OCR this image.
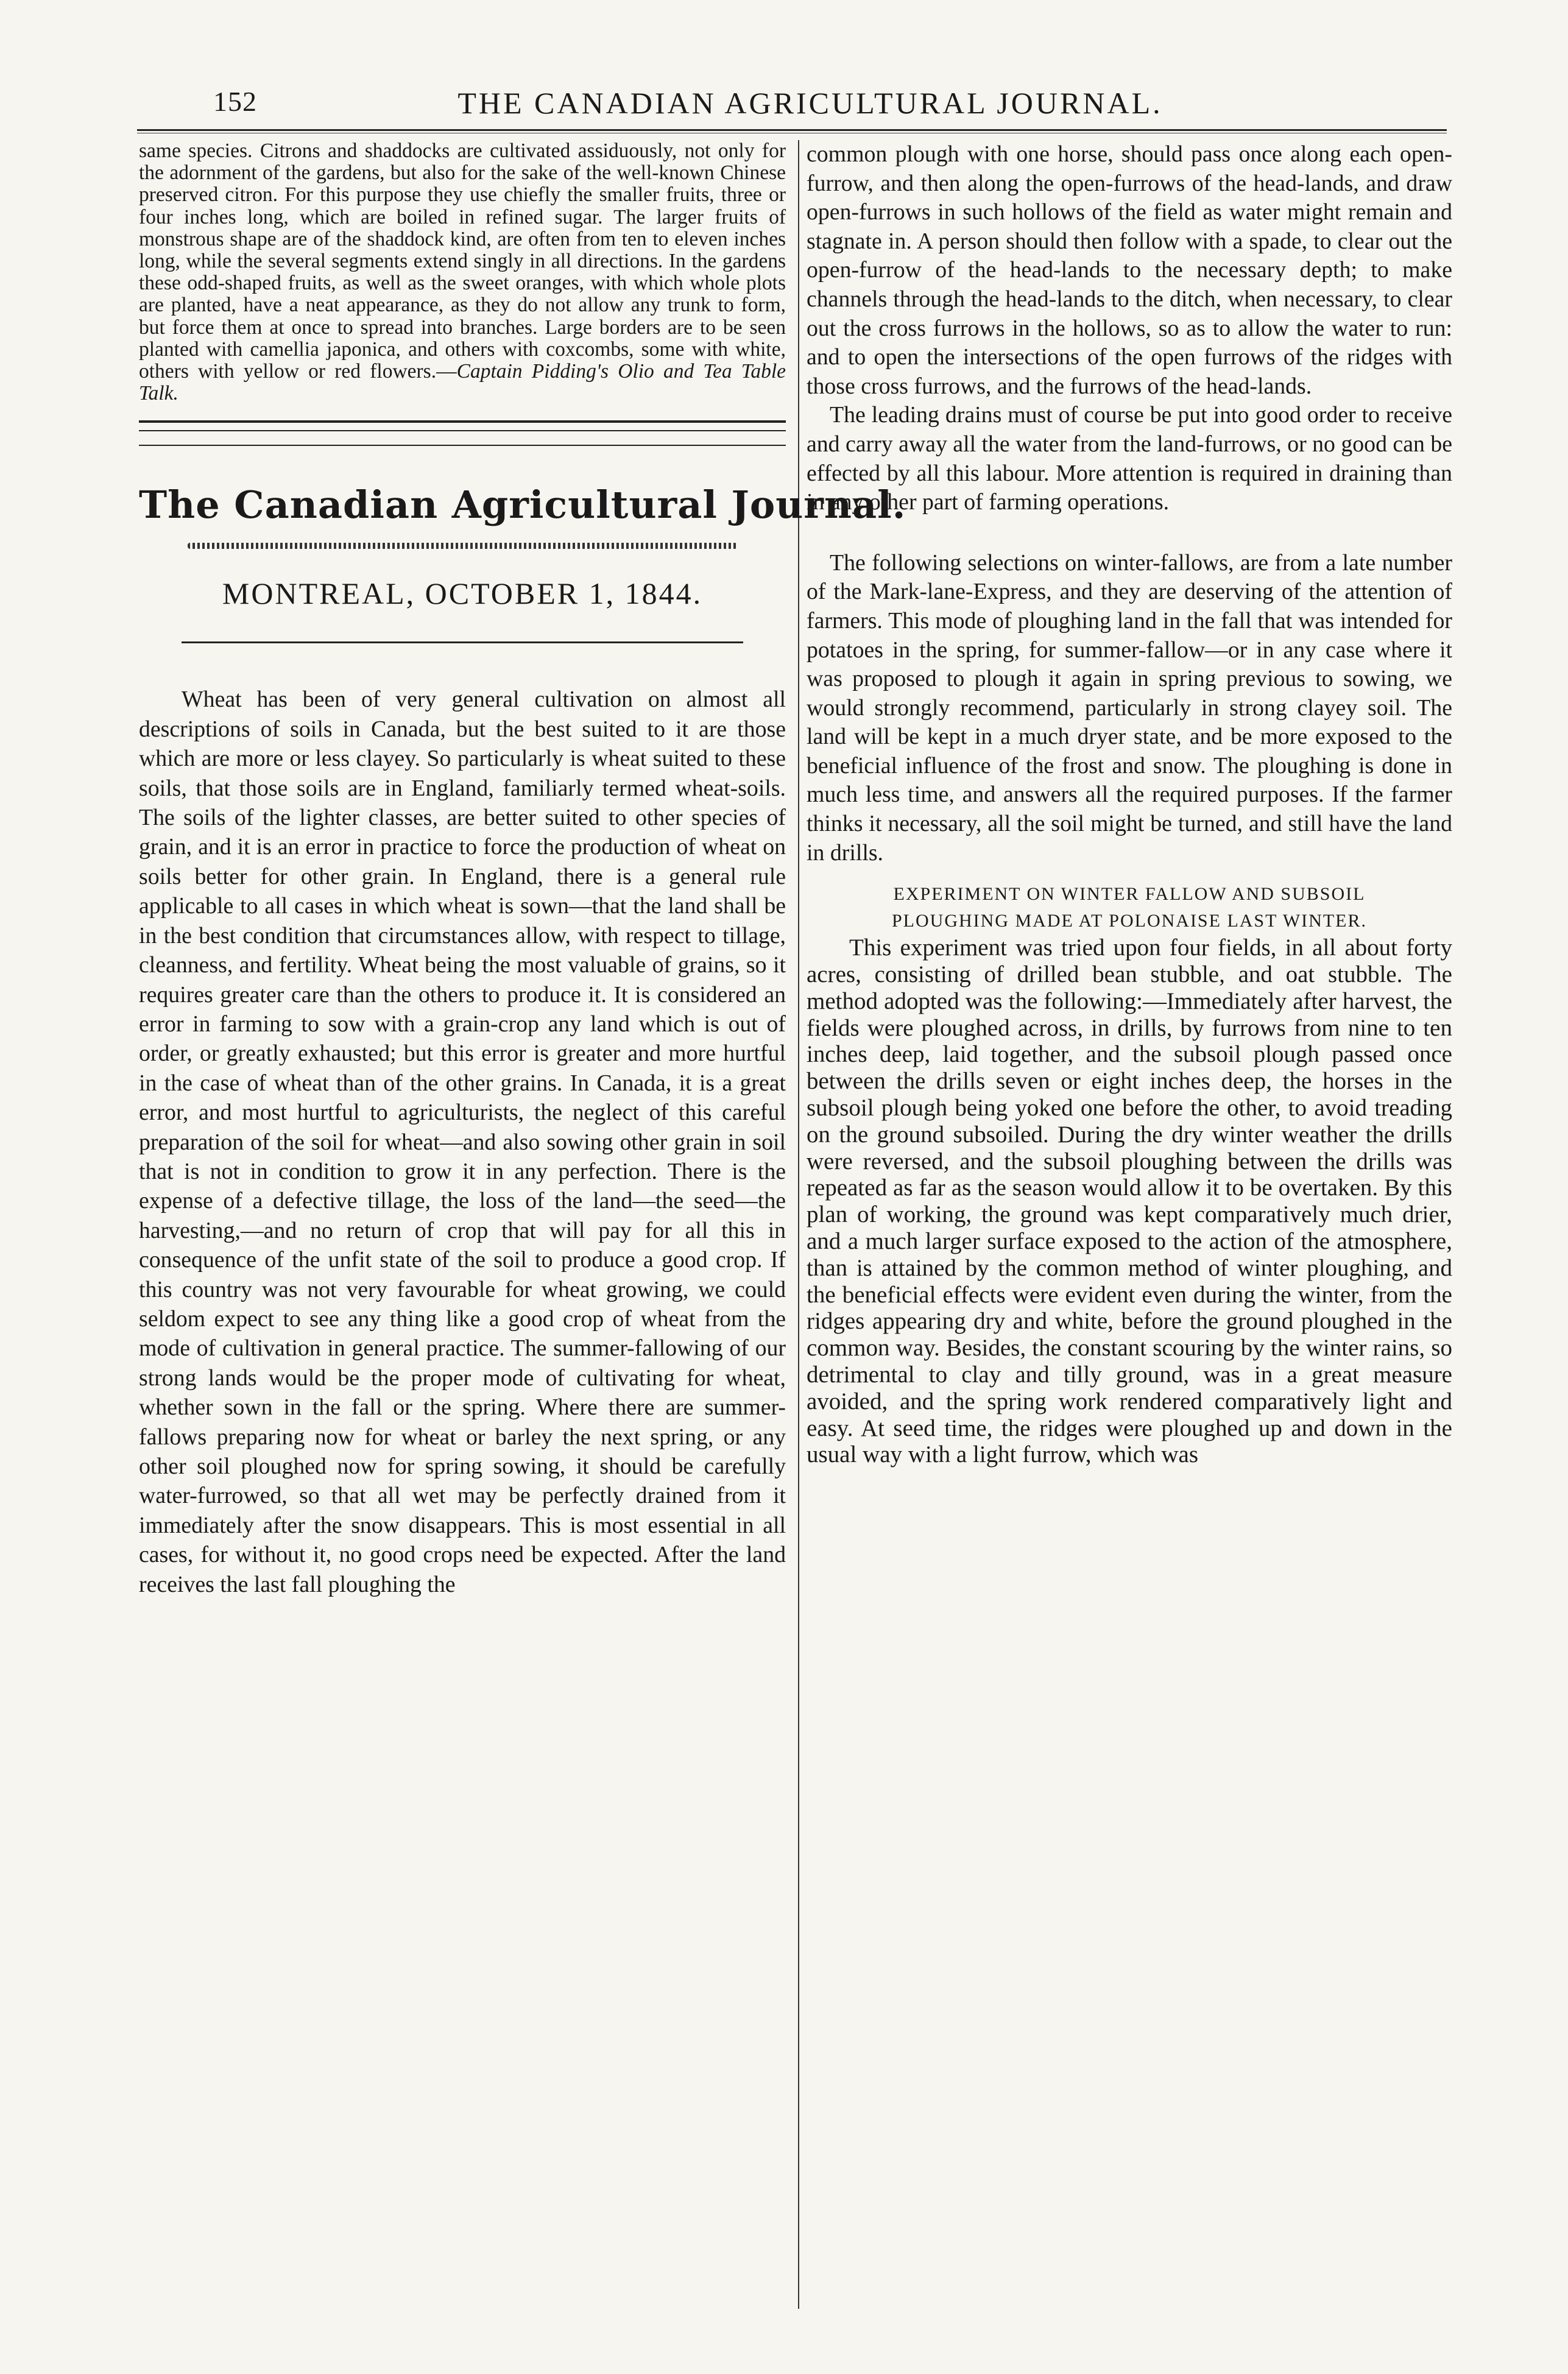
152	THE CANADIAN AGRICULTURAL JOURNAL.

same species. Citrons and shaddocks are cultivated assiduously, not only for the adornment of the gardens, but also for the sake of the well-known Chinese preserved citron. For this purpose they use chiefly the smaller fruits, three or four inches long, which are boiled in refined sugar. The larger fruits of monstrous shape are of the shaddock kind, are often from ten to eleven inches long, while the several segments extend singly in all directions. In the gardens these odd-shaped fruits, as well as the sweet oranges, with which whole plots are planted, have a neat appearance, as they do not allow any trunk to form, but force them at once to spread into branches. Large borders are to be seen planted with camellia japonica, and others with coxcombs, some with white, others with yellow or red flowers.—Captain Pidding's Olio and Tea Table Talk.

The Canadian Agricultural Journal.
MONTREAL, OCTOBER 1, 1844.

Wheat has been of very general cultivation on almost all descriptions of soils in Canada, but the best suited to it are those which are more or less clayey. So particularly is wheat suited to these soils, that those soils are in England, familiarly termed wheat-soils. The soils of the lighter classes, are better suited to other species of grain, and it is an error in practice to force the production of wheat on soils better for other grain. In England, there is a general rule applicable to all cases in which wheat is sown—that the land shall be in the best condition that circumstances allow, with respect to tillage, cleanness, and fertility. Wheat being the most valuable of grains, so it requires greater care than the others to produce it. It is considered an error in farming to sow with a grain-crop any land which is out of order, or greatly exhausted; but this error is greater and more hurtful in the case of wheat than of the other grains. In Canada, it is a great error, and most hurtful to agriculturists, the neglect of this careful preparation of the soil for wheat—and also sowing other grain in soil that is not in condition to grow it in any perfection. There is the expense of a defective tillage, the loss of the land—the seed—the harvesting,—and no return of crop that will pay for all this in consequence of the unfit state of the soil to produce a good crop. If this country was not very favourable for wheat growing, we could seldom expect to see any thing like a good crop of wheat from the mode of cultivation in general practice. The summer-fallowing of our strong lands would be the proper mode of cultivating for wheat, whether sown in the fall or the spring. Where there are summer-fallows preparing now for wheat or barley the next spring, or any other soil ploughed now for spring sowing, it should be carefully water-furrowed, so that all wet may be perfectly drained from it immediately after the snow disappears. This is most essential in all cases, for without it, no good crops need be expected. After the land receives the last fall ploughing the

common plough with one horse, should pass once along each open-furrow, and then along the open-furrows of the head-lands, and draw open-furrows in such hollows of the field as water might remain and stagnate in. A person should then follow with a spade, to clear out the open-furrow of the head-lands to the necessary depth; to make channels through the head-lands to the ditch, when necessary, to clear out the cross furrows in the hollows, so as to allow the water to run: and to open the intersections of the open furrows of the ridges with those cross furrows, and the furrows of the head-lands.

The leading drains must of course be put into good order to receive and carry away all the water from the land-furrows, or no good can be effected by all this labour. More attention is required in draining than in any other part of farming operations.

The following selections on winter-fallows, are from a late number of the Mark-lane-Express, and they are deserving of the attention of farmers. This mode of ploughing land in the fall that was intended for potatoes in the spring, for summer-fallow—or in any case where it was proposed to plough it again in spring previous to sowing, we would strongly recommend, particularly in strong clayey soil. The land will be kept in a much dryer state, and be more exposed to the beneficial influence of the frost and snow. The ploughing is done in much less time, and answers all the required purposes. If the farmer thinks it necessary, all the soil might be turned, and still have the land in drills.

EXPERIMENT ON WINTER FALLOW AND SUBSOIL
PLOUGHING MADE AT POLONAISE LAST WINTER.

This experiment was tried upon four fields, in all about forty acres, consisting of drilled bean stubble, and oat stubble. The method adopted was the following:—Immediately after harvest, the fields were ploughed across, in drills, by furrows from nine to ten inches deep, laid together, and the subsoil plough passed once between the drills seven or eight inches deep, the horses in the subsoil plough being yoked one before the other, to avoid treading on the ground subsoiled. During the dry winter weather the drills were reversed, and the subsoil ploughing between the drills was repeated as far as the season would allow it to be overtaken. By this plan of working, the ground was kept comparatively much drier, and a much larger surface exposed to the action of the atmosphere, than is attained by the common method of winter ploughing, and the beneficial effects were evident even during the winter, from the ridges appearing dry and white, before the ground ploughed in the common way. Besides, the constant scouring by the winter rains, so detrimental to clay and tilly ground, was in a great measure avoided, and the spring work rendered comparatively light and easy. At seed time, the ridges were ploughed up and down in the usual way with a light furrow, which was
